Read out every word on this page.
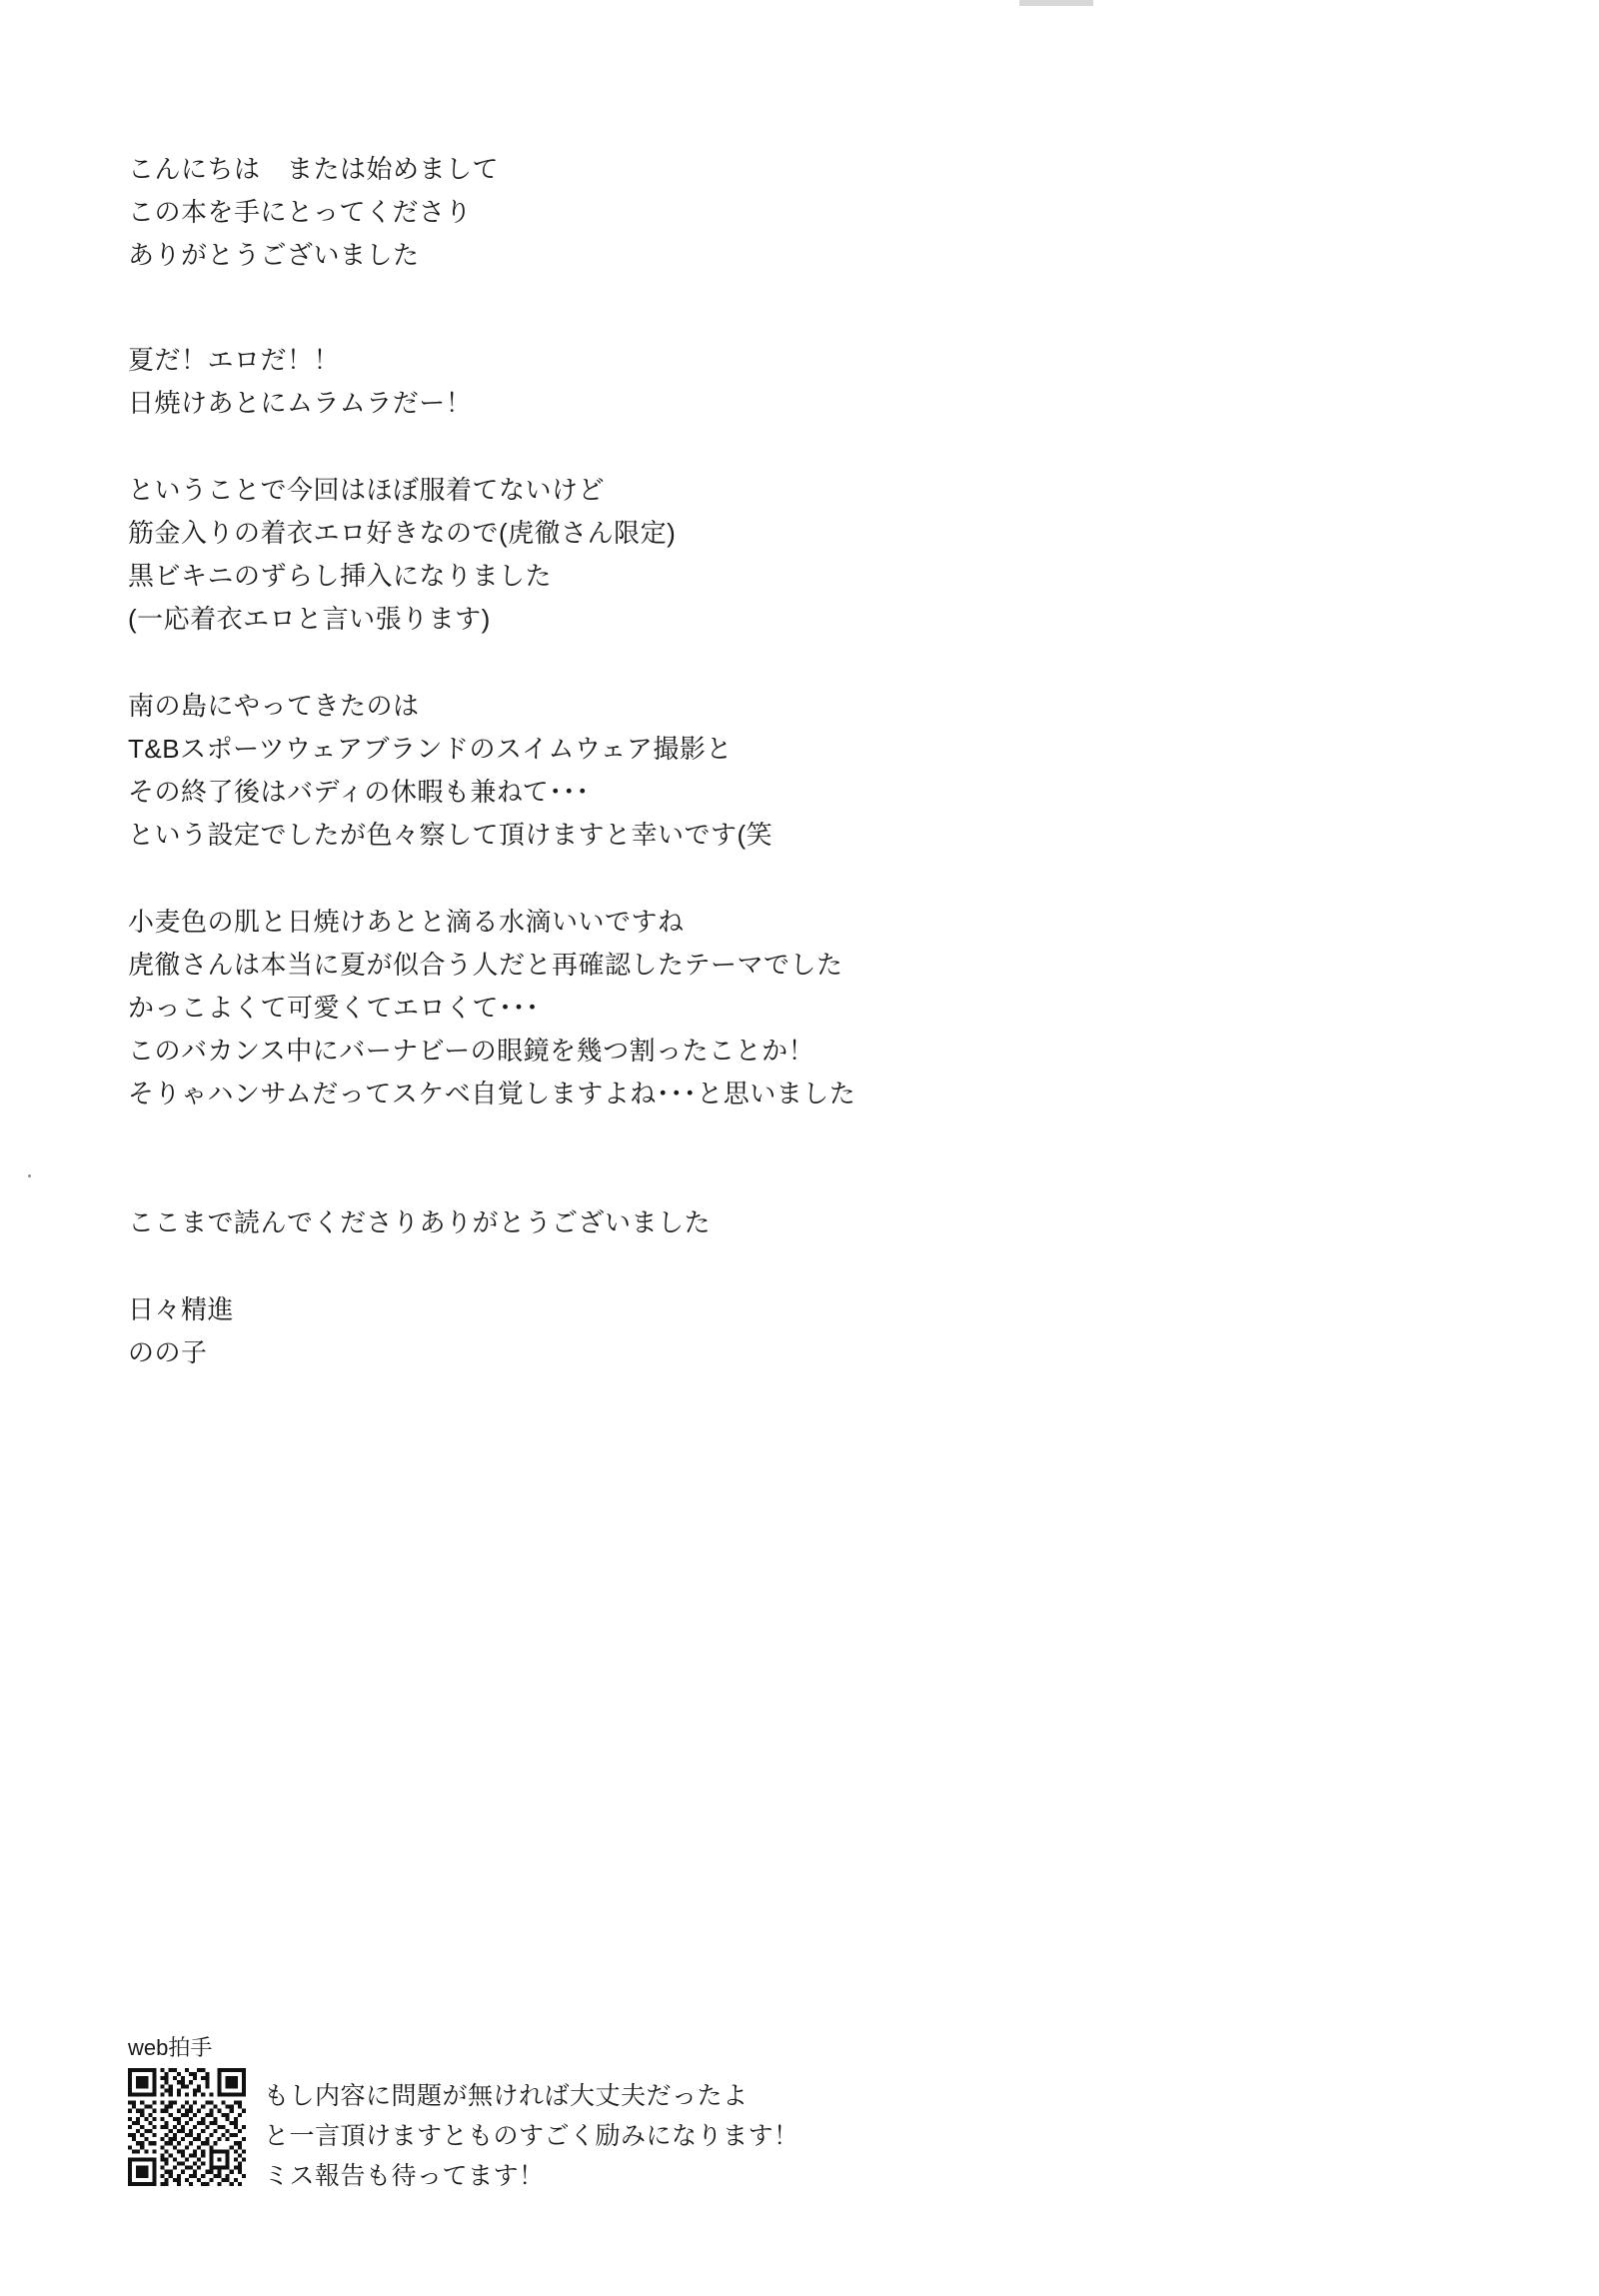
こんにちは　または始めまして
この本を手にとってくださり
ありがとうございました
夏だ！エロだ！！
日焼けあとにムラムラだー！
ということで今回はほぼ服着てないけど
筋金入りの着衣エロ好きなので(虎徹さん限定)
黒ビキニのずらし挿入になりました
(一応着衣エロと言い張ります)
南の島にやってきたのは
T&Bスポーツウェアブランドのスイムウェア撮影と
その終了後はバディの休暇も兼ねて･･･
という設定でしたが色々察して頂けますと幸いです(笑
小麦色の肌と日焼けあとと滴る水滴いいですね
虎徹さんは本当に夏が似合う人だと再確認したテーマでした
かっこよくて可愛くてエロくて･･･
このバカンス中にバーナビーの眼鏡を幾つ割ったことか！
そりゃハンサムだってスケベ自覚しますよね･･･と思いました
ここまで読んでくださりありがとうございました
日々精進
のの子
web拍手
もし内容に問題が無ければ大丈夫だったよ
と一言頂けますとものすごく励みになります！
ミス報告も待ってます！
